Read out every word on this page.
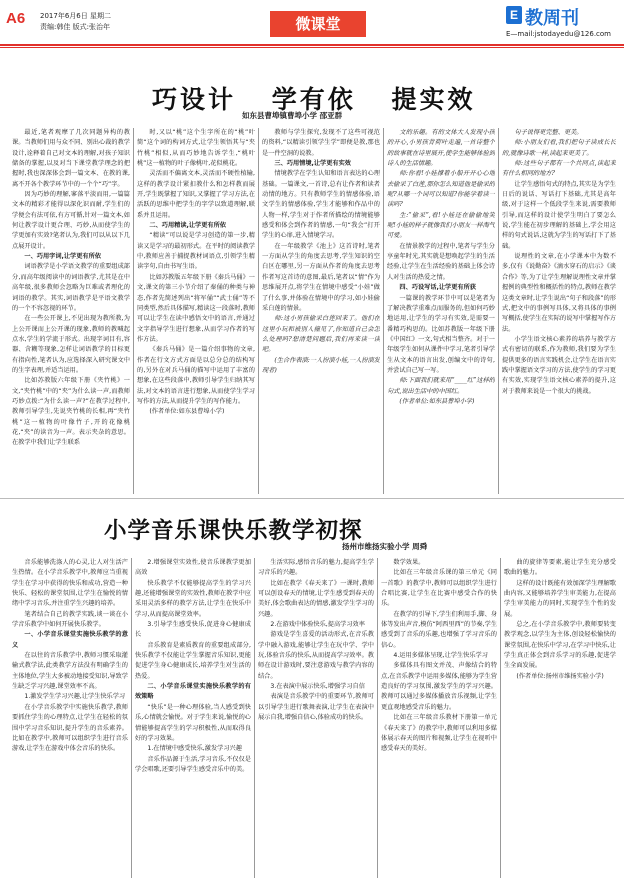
A6 2017年6月6日 星期二
责编:韩佳 版式:张治年	微课堂	E 教周刊
E—mail:jstodayedu@126.com
巧设计 学有依 提实效
如东县曹埠镇曹埠小学 邵亚群

最近,笔者观摩了几次同题异构的教课。当教师们用与众不同、别出心裁的教学设计,诠释着自己对文本的理解,对孩子知识储备的掌握,以及对当下课堂教学理念的把握时,我也深深体会到一篇文本、在教的课,离不开各个教学环节中的一个个“巧”字。

因为巧妙的理解,寥落平淡而用,一篇篇文本的精彩才能得以深化识而耐,学生们的学便会有法可依,有方可循,针对一篇文本,如何让教学设计更合理、巧妙,从而使学生的学更加有实效?笔者认为,我们可以从以下几点展开设计。

一、巧用字词,让学更有所依

词语教学是小学语文教学的重要组成部分,而高年级阅读中的词语教学,尤其是在中高年级,很多教师会忽略为巨难或者理化的词语的教学。其实,词语教学是平语文教学的一个不容忽视的环节。

在一些公开课上,不见出现为教所教,为上公开课而上公开课的现象,教师的教喊起点水,学生的学流于形式。出现字词目有,容器、含糊等现象,怎样让词语教学的目标更有指向性,笔者认为,应选择深入研究课文中的生字表理,并适当运用。

比如苏教版六年级下册《夹竹桃》一文,“夹竹桃”中的“夹”为什么读一声,而教师巧妙点拨:“为什么读一声?”在教学过程中,教师引导学生,先说夹竹桃的长相,再“夹竹桃”这一植物的叶像竹子,开的花像桃花,“夹”的读音为一声。表示夹杂的意思。在教学中我们让学生联系

时,又以“桃”这个生字所在的“桃”叶简“这个词的构词方式,让学生领悟其与“夹竹桃”相似,从而巧妙地告诉学生,“桃叶桃”这一植物的叶子像桃叶,花似桃花。

灵活而不偏离文本,灵活而不硬性植输,这样的教学设计紧扣教什么和怎样教而展开,学生既掌握了知识,又掌握了学习方法,在活跃的思维中把学生的字学以致道理解,联系并且运用。

二、巧用精读,让学更有所依

“精读”可以说是学习创造的第一步,精读又是学习的最初形式。在平时的阅读教学中,教师应善于捕捉教材词语点,引领学生精读字句,自由书写生语。

比如苏教版五年级下册《秦兵马俑》一文,课文的第三小节介绍了秦俑的种类与神态,作者先简述列出“将军俑”“武士俑”等不同类型,然后具体描写,精读这一段落时,教师可以让学生在读中感悟文中的语言,并通过文字指导学生进行想象,从而学习作者的写作方法。

《秦兵马俑》是一篇介绍事物的文章,作者在行文方式方面是以总分总的结构写的,另外在对兵马俑的描写中运用了丰富的想象,在这些段落中,教师引导学生归纳其写法,对文本的语言进行想象,从而使学生学习写作的方法,从而提升学生的写作能力。

(作者单位:如东县曹埠小学)

教师与学生探究,发现不了这些可视范的资料,“以精读引领学生学”即便是教,那也是一件空洞的说教。

三、巧用情境,让学更有实效

情境教学在学生认知和语言表达的心理基础。一篇课文,一首诗,总有让作者和读者动情的地方。只有教师学生的情感体验,语文学生的情感体验,学生才能够和作品中的人物一样,学生对于作者所描绘的情境能够感受和体会到作者的情感,一句“我会”打开学生的心扉,进入情境学习。

在一年级教学《池上》这首诗时,笔者一方面从学生的角度去思考,学生知识的空白区在哪里,另一方面从作者的角度去思考作者写这首诗的意图,最后,笔者以“情”作为思维展开点,将学生在情境中感受“小娃”做了什么事,并体验在情境中的学习,如小娃偷采白莲的情景。

师:这小男孩偷采白莲回来了。他们在这里小玩和被别人撞见了,你知道自己会怎么处理吗?想清楚问题后,我们再来读一读吧。

(生合作表演:一人扮演小娃,一人扮演发现者)

文的乐趣。有的文体大人发现小孩的开心,小男孩背荷叶走遍,一首诗整个的故事就在诗里展开,使学生能够体验到诗人的生活情趣。

师:你看!小娃撑着小船开开心心地去偷采了白莲,那你怎么知道他是偷采的呢?从哪一个词可以知道?你能学着读一读吗?

生:“偷采”,看!小娃还在偷偷地笑呢!小娃的样子就像我们小朋友一样淘气可爱。

在情景教学的过程中,笔者与学生分享童年时光,其实就是想唤起学生的生活经验,让学生在生活经验的基础上体会诗人对生活的热爱之情。

四、巧设写话,让学更有所获

一篇课的教学环节中可以是笔者为了解决教学重难点而服务的,但如何巧妙地运用,让学生的学习有实效,是需要一番精巧构思的。比如苏教版一年级下册《中国红》一文,句式相当整齐。对于一年级学生如何从课件中学习,笔者引导学生从文本的语言出发,创编文中的诗句,并尝试自己写一写。

师:下面我们就来用“____红”这样的句式,说出生活中的中国红。

(作者单位:如东县曹埠小学)

句子说得更完整、更美。

师:小朋友们看,我们把句子读成长长的,就像诗歌一样,读起来更美了。

师:这些句子都有一个共同点,读起来有什么相同的地方?

让学生感悟句式的特点,其实是为学生日后的说话、写话打下基础,尤其是高年级,对于这样一个低段学生来说,需要教师引导,而这样的设计使学生明白了要怎么说,学生能在初步理解的基础上,学会用这样的句式说话,这就为学生的写话打下了基础。

说理性的文章,在小学课本中为数不多,仅有《说勤奋》《滴水穿石的启示》《谈合作》等,为了让学生理解说理性文章并掌握例的典型性和概括性的特点,教师在教学这类文章时,让学生说出“句子和段落”的形式,把文中的事例写具体,又将具体的事例写概括,使学生在实际的说写中掌握写作方法。

小学生语文核心素养的培养与教学方式有密切的联系,作为教师,我们要为学生提供更多的语言实践机会,让学生在语言实践中掌握语文学习的方法,使学生的学习更有实效,实现学生语文核心素养的提升,这对于教师来说是一个很大的挑战。

小学音乐课快乐教学初探
扬州市维扬实验小学 周舜

音乐能够洗涤人的心灵,让人对生活产生热情。在小学音乐教学中,教师应当重视学生在学习中获得的快乐和成功,营造一种快乐、轻松的课堂氛围,让学生在愉悦的情绪中学习音乐,并注重学生兴趣的培养。

笔者结合自己的教学实践,谈一谈在小学音乐教学中如何开展快乐教学。

一、小学音乐课堂实施快乐教学的意义

在以往的音乐教学中,教师习惯采取灌输式教学法,此类教学方法没有明确学生的主体地位,学生大多被动地接受知识,导致学生缺乏学习兴趣,课堂效率不高。

1.激发学生学习兴趣,让学生快乐学习

在小学音乐教学中实施快乐教学,教师要抓住学生的心理特点,让学生在轻松的氛围中学习音乐知识,提升学生的音乐素养。比如在教学中,教师可以组织学生进行音乐游戏,让学生在游戏中体会音乐的快乐。

2.增强课堂实效性,使音乐课教学更加高效

快乐教学不仅能够提高学生的学习兴趣,还能增强课堂的实效性,教师在教学中应采用灵活多样的教学方法,让学生在快乐中学习,从而提高课堂效率。

3.引导学生感受快乐,促进身心健康成长

音乐教育是素质教育的重要组成部分,快乐教学不仅能让学生掌握音乐知识,更能促进学生身心健康成长,培养学生对生活的热爱。

二、小学音乐课堂实施快乐教学的有效策略

“快乐”是一种心理体验,当人感受到快乐,心情就会愉悦。对于学生来说,愉悦的心情能够提高学生的学习积极性,从而取得良好的学习效果。

1.在情境中感受快乐,激发学习兴趣

音乐作品源于生活,学习音乐,不仅仅是学会唱歌,还要引导学生感受音乐中的美。

生活实际,感悟音乐的魅力,提高学生学习音乐的兴趣。

比如在教学《春天来了》一课时,教师可以创设春天的情境,让学生感受到春天的美好,体会歌曲表达的情感,激发学生学习的兴趣。

2.在游戏中体验快乐,提高学习效率

游戏是学生喜爱的活动形式,在音乐教学中融入游戏,能够让学生在玩中学、学中玩,体验音乐的快乐,从而提高学习效率。教师在设计游戏时,要注意游戏与教学内容的结合。

3.在表演中展示快乐,增强学习自信

表演是音乐教学中的重要环节,教师可以引导学生进行歌舞表演,让学生在表演中展示自我,增强自信心,体验成功的快乐。

数学效果。

比如在三年级音乐课的第三单元《同一首歌》的教学中,教师可以组织学生进行合唱比赛,让学生在比赛中感受合作的快乐。

在教学的引导下,学生们利用手,脚、身体等发出声音,模仿“阿西里西”的节奏,学生感受到了音乐的乐趣,也增强了学习音乐的信心。

4.运用多媒体呈现,让学生快乐学习

多媒体具有图文并茂、声像结合的特点,在音乐教学中运用多媒体,能够为学生营造良好的学习氛围,激发学生的学习兴趣。教师可以通过多媒体播放音乐视频,让学生更直观地感受音乐的魅力。

比如在三年级音乐教材下册第一单元《春天来了》的教学中,教师可以利用多媒体展示春天的图片和视频,让学生在视听中感受春天的美好。

曲的旋律等要素,能让学生充分感受歌曲的魅力。

这样的设计既能有效加深学生理解歌曲内容,又能够培养学生审美能力,在提高学生审美能力的同时,实现学生个性的发展。

总之,在小学音乐教学中,教师要转变教学观念,以学生为主体,创设轻松愉快的课堂氛围,在快乐中学习,在学习中快乐,让学生真正体会到音乐学习的乐趣,促进学生全面发展。

(作者单位:扬州市维扬实验小学)
